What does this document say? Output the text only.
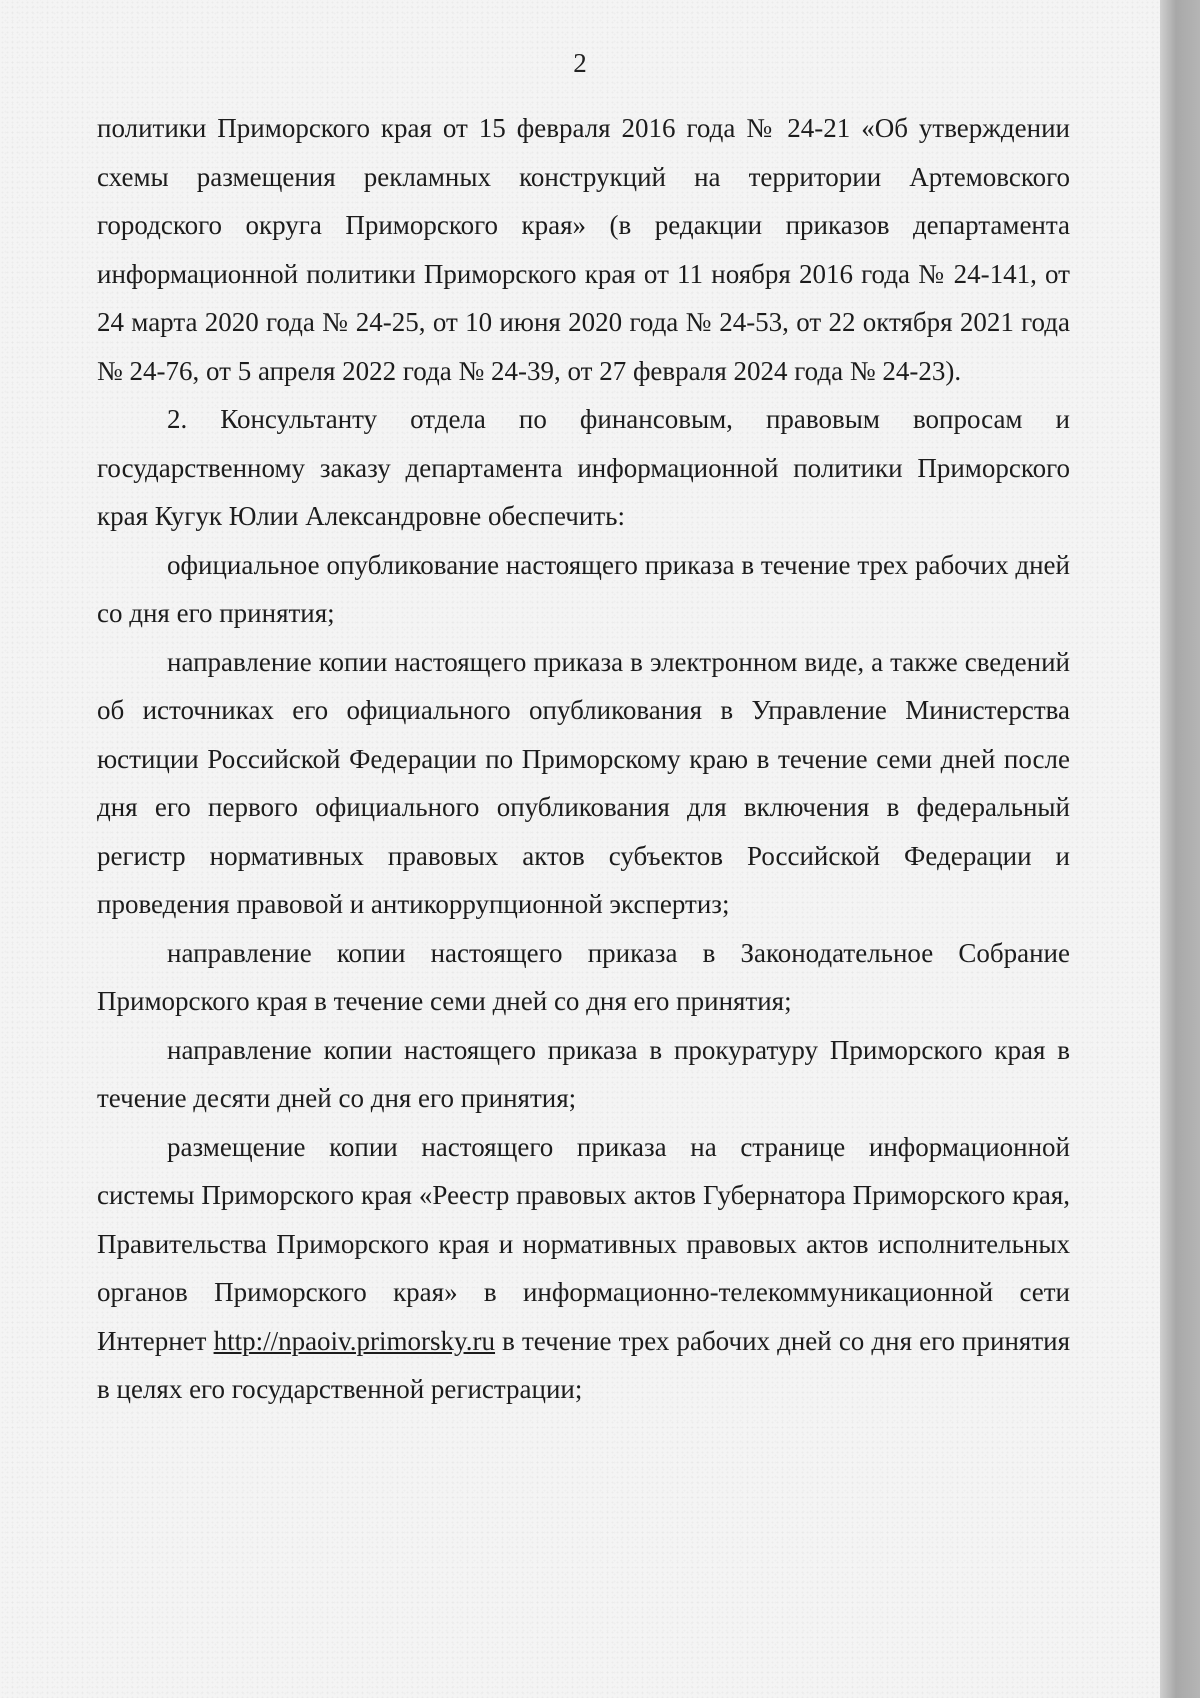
2

политики Приморского края от 15 февраля 2016 года № 24-21 «Об утверждении схемы размещения рекламных конструкций на территории Артемовского городского округа Приморского края» (в редакции приказов департамента информационной политики Приморского края от 11 ноября 2016 года № 24-141, от 24 марта 2020 года № 24-25, от 10 июня 2020 года № 24-53, от 22 октября 2021 года № 24-76, от 5 апреля 2022 года № 24-39, от 27 февраля 2024 года № 24-23).

2. Консультанту отдела по финансовым, правовым вопросам и государственному заказу департамента информационной политики Приморского края Кугук Юлии Александровне обеспечить:

официальное опубликование настоящего приказа в течение трех рабочих дней со дня его принятия;

направление копии настоящего приказа в электронном виде, а также сведений об источниках его официального опубликования в Управление Министерства юстиции Российской Федерации по Приморскому краю в течение семи дней после дня его первого официального опубликования для включения в федеральный регистр нормативных правовых актов субъектов Российской Федерации и проведения правовой и антикоррупционной экспертиз;

направление копии настоящего приказа в Законодательное Собрание Приморского края в течение семи дней со дня его принятия;

направление копии настоящего приказа в прокуратуру Приморского края в течение десяти дней со дня его принятия;

размещение копии настоящего приказа на странице информационной системы Приморского края «Реестр правовых актов Губернатора Приморского края, Правительства Приморского края и нормативных правовых актов исполнительных органов Приморского края» в информационно-телекоммуникационной сети Интернет http://npaoiv.primorsky.ru в течение трех рабочих дней со дня его принятия в целях его государственной регистрации;
